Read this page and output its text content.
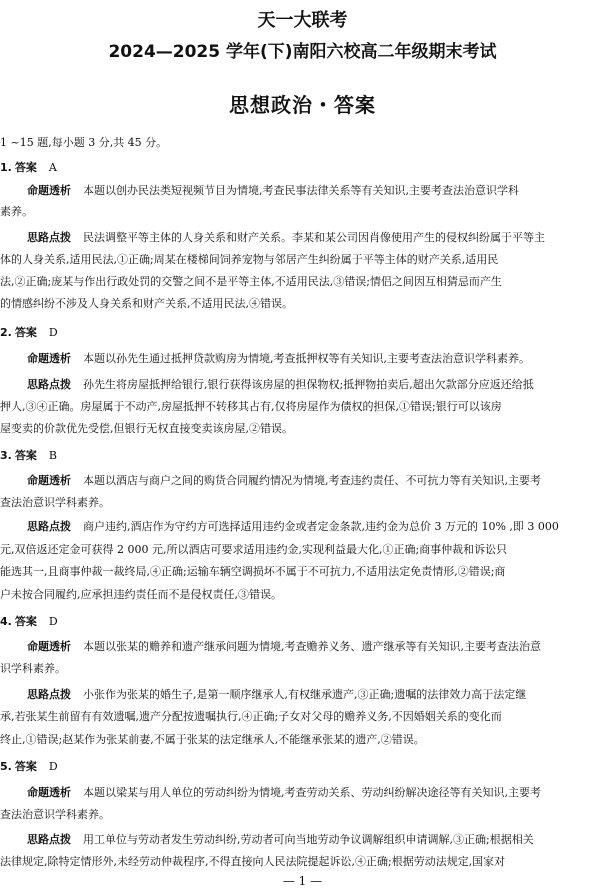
天一大联考
2024—2025 学年(下)南阳六校高二年级期末考试
思想政治・答案
1 ~15 题,每小题 3 分,共 45 分。
1. 答案 A
命题透析 本题以创办民法类短视频节目为情境,考查民事法律关系等有关知识,主要考查法治意识学科
素养。
思路点拨 民法调整平等主体的人身关系和财产关系。李某和某公司因肖像使用产生的侵权纠纷属于平等主
体的人身关系,适用民法,①正确;周某在楼梯间饲养宠物与邻居产生纠纷属于平等主体的财产关系,适用民
法,②正确;庞某与作出行政处罚的交警之间不是平等主体,不适用民法,③错误;情侣之间因互相猜忌而产生
的情感纠纷不涉及人身关系和财产关系,不适用民法,④错误。
2. 答案 D
命题透析 本题以孙先生通过抵押贷款购房为情境,考查抵押权等有关知识,主要考查法治意识学科素养。
思路点拨 孙先生将房屋抵押给银行,银行获得该房屋的担保物权;抵押物拍卖后,超出欠款部分应返还给抵
押人,③④正确。房屋属于不动产,房屋抵押不转移其占有,仅将房屋作为债权的担保,①错误;银行可以该房
屋变卖的价款优先受偿,但银行无权直接变卖该房屋,②错误。
3. 答案 B
命题透析 本题以酒店与商户之间的购货合同履约情况为情境,考查违约责任、不可抗力等有关知识,主要考
查法治意识学科素养。
思路点拨 商户违约,酒店作为守约方可选择适用违约金或者定金条款,违约金为总价 3 万元的 10% ,即 3 000
元,双倍返还定金可获得 2 000 元,所以酒店可要求适用违约金,实现利益最大化,①正确;商事仲裁和诉讼只
能选其一,且商事仲裁一裁终局,④正确;运输车辆空调损坏不属于不可抗力,不适用法定免责情形,②错误;商
户未按合同履约,应承担违约责任而不是侵权责任,③错误。
4. 答案 D
命题透析 本题以张某的赡养和遗产继承问题为情境,考查赡养义务、遗产继承等有关知识,主要考查法治意
识学科素养。
思路点拨 小张作为张某的婚生子,是第一顺序继承人,有权继承遗产,③正确;遗嘱的法律效力高于法定继
承,若张某生前留有有效遗嘱,遗产分配按遗嘱执行,④正确;子女对父母的赡养义务,不因婚姻关系的变化而
终止,①错误;赵某作为张某前妻,不属于张某的法定继承人,不能继承张某的遗产,②错误。
5. 答案 D
命题透析 本题以梁某与用人单位的劳动纠纷为情境,考查劳动关系、劳动纠纷解决途径等有关知识,主要考
查法治意识学科素养。
思路点拨 用工单位与劳动者发生劳动纠纷,劳动者可向当地劳动争议调解组织申请调解,③正确;根据相关
法律规定,除特定情形外,未经劳动仲裁程序,不得直接向人民法院提起诉讼,④正确;根据劳动法规定,国家对
— 1 —
